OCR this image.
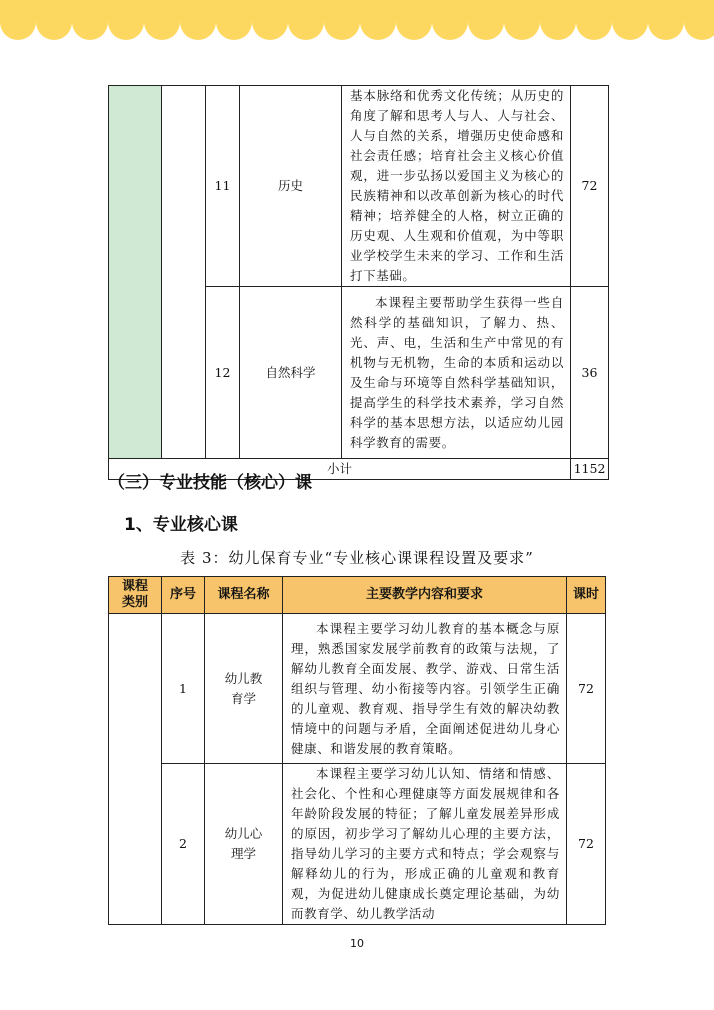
		11	历史	基本脉络和优秀文化传统；从历史的角度了解和思考人与人、人与社会、人与自然的关系，增强历史使命感和社会责任感；培育社会主义核心价值观，进一步弘扬以爱国主义为核心的民族精神和以改革创新为核心的时代精神；培养健全的人格，树立正确的历史观、人生观和价值观，为中等职业学校学生未来的学习、工作和生活打下基础。	72
		12	自然科学	本课程主要帮助学生获得一些自然科学的基础知识，了解力、热、光、声、电，生活和生产中常见的有机物与无机物，生命的本质和运动以及生命与环境等自然科学基础知识，提高学生的科学技术素养，学习自然科学的基本思想方法，以适应幼儿园科学教育的需要。	36
小计					1152
（三）专业技能（核心）课
1、专业核心课
表 3：幼儿保育专业“专业核心课课程设置及要求”
课程类别	序号	课程名称	主要教学内容和要求	课时
	1	幼儿教育学	本课程主要学习幼儿教育的基本概念与原理，熟悉国家发展学前教育的政策与法规，了解幼儿教育全面发展、教学、游戏、日常生活组织与管理、幼小衔接等内容。引领学生正确的儿童观、教育观、指导学生有效的解决幼教情境中的问题与矛盾，全面阐述促进幼儿身心健康、和谐发展的教育策略。	72
	2	幼儿心理学	本课程主要学习幼儿认知、情绪和情感、社会化、个性和心理健康等方面发展规律和各年龄阶段发展的特征；了解儿童发展差异形成的原因，初步学习了解幼儿心理的主要方法，指导幼儿学习的主要方式和特点；学会观察与解释幼儿的行为，形成正确的儿童观和教育观，为促进幼儿健康成长奠定理论基础，为幼而教育学、幼儿教学活动	72
10
